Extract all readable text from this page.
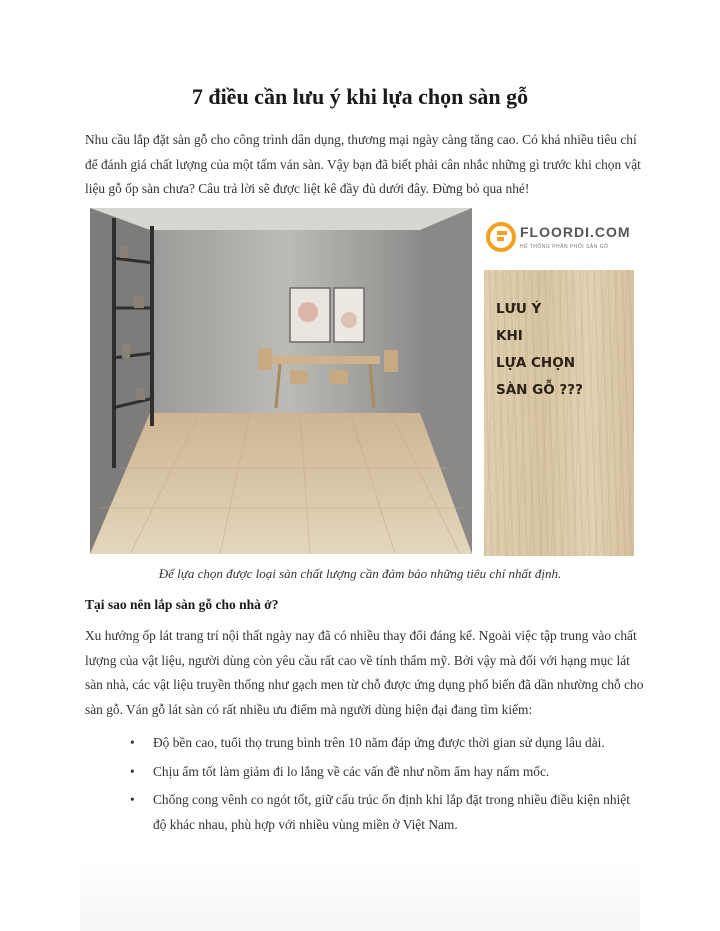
7 điều cần lưu ý khi lựa chọn sàn gỗ

Nhu cầu lắp đặt sàn gỗ cho công trình dân dụng, thương mại ngày càng tăng cao. Có khá nhiều tiêu chí để đánh giá chất lượng của một tấm ván sàn. Vậy bạn đã biết phải cân nhắc những gì trước khi chọn vật liệu gỗ ốp sàn chưa? Câu trả lời sẽ được liệt kê đầy đủ dưới đây. Đừng bỏ qua nhé!

FLOORDI.COM
HỆ THỐNG PHÂN PHỐI SÀN GỖ
LƯU Ý
KHI
LỰA CHỌN
SÀN GỖ ???

Để lựa chọn được loại sàn chất lượng cần đảm bảo những tiêu chí nhất định.

Tại sao nên lắp sàn gỗ cho nhà ở?

Xu hướng ốp lát trang trí nội thất ngày nay đã có nhiều thay đổi đáng kể. Ngoài việc tập trung vào chất lượng của vật liệu, người dùng còn yêu cầu rất cao về tính thẩm mỹ. Bởi vậy mà đối với hạng mục lát sàn nhà, các vật liệu truyền thống như gạch men từ chỗ được ứng dụng phổ biến đã dần nhường chỗ cho sàn gỗ. Ván gỗ lát sàn có rất nhiều ưu điểm mà người dùng hiện đại đang tìm kiếm:

• Độ bền cao, tuổi thọ trung bình trên 10 năm đáp ứng được thời gian sử dụng lâu dài.
• Chịu ẩm tốt làm giảm đi lo lắng về các vấn đề như nồm ẩm hay nấm mốc.
• Chống cong vênh co ngót tốt, giữ cấu trúc ổn định khi lắp đặt trong nhiều điều kiện nhiệt độ khác nhau, phù hợp với nhiều vùng miền ở Việt Nam.
